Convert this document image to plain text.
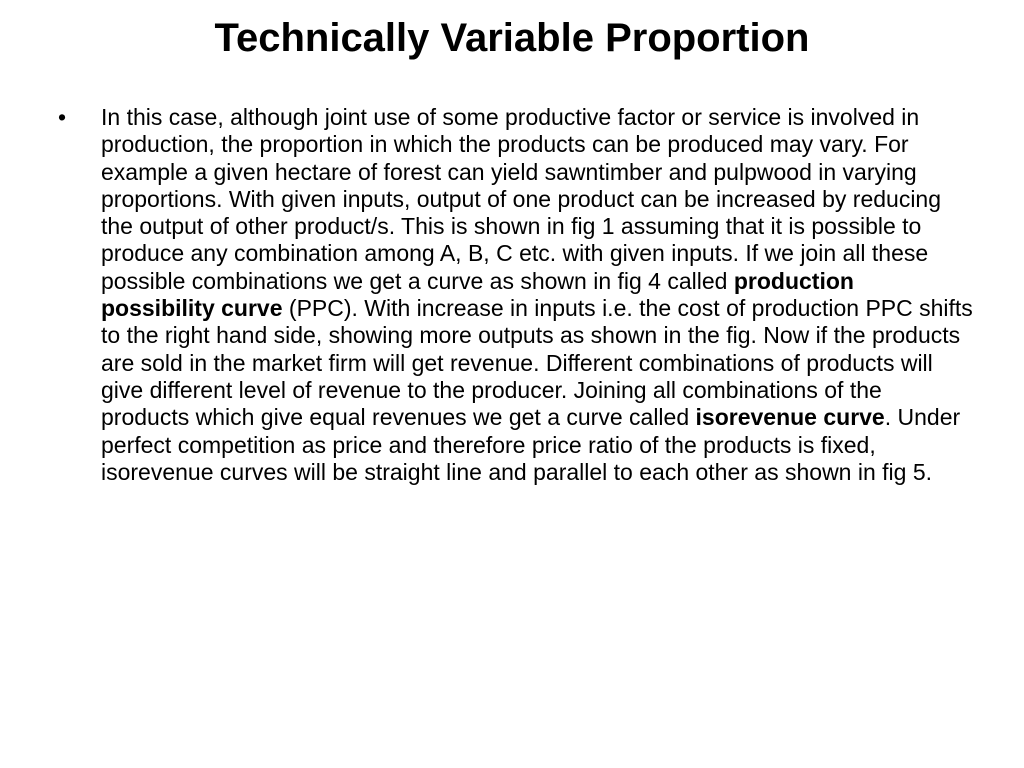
Technically Variable Proportion
• In this case, although joint use of some productive factor or service is involved in production, the proportion in which the products can be produced may vary. For example a given hectare of forest can yield sawntimber and pulpwood in varying proportions. With given inputs, output of one product can be increased by reducing the output of other product/s. This is shown in fig 1 assuming that it is possible to produce any combination among A, B, C etc. with given inputs. If we join all these possible combinations we get a curve as shown in fig 4 called production possibility curve (PPC). With increase in inputs i.e. the cost of production PPC shifts to the right hand side, showing more outputs as shown in the fig. Now if the products are sold in the market firm will get revenue. Different combinations of products will give different level of revenue to the producer. Joining all combinations of the products which give equal revenues we get a curve called isorevenue curve. Under perfect competition as price and therefore price ratio of the products is fixed, isorevenue curves will be straight line and parallel to each other as shown in fig 5.
